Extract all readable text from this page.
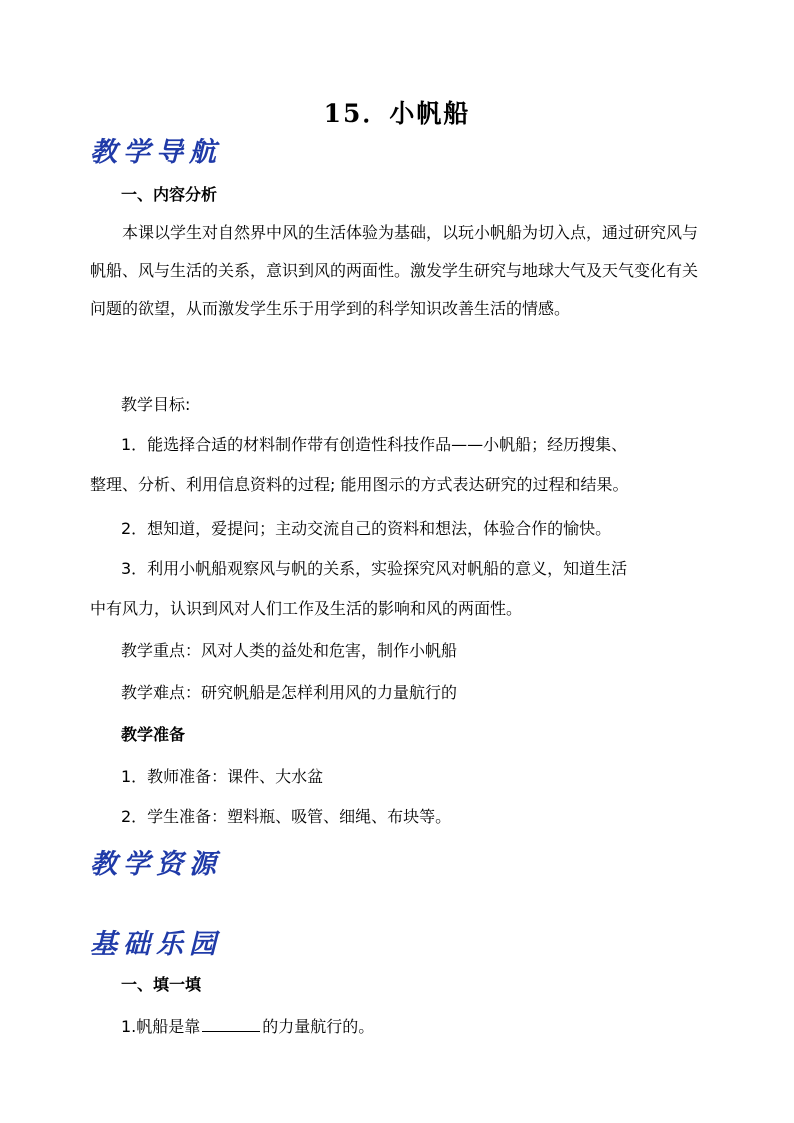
15．小帆船
教学导航
一、内容分析
本课以学生对自然界中风的生活体验为基础，以玩小帆船为切入点，通过研究风与帆船、风与生活的关系，意识到风的两面性。激发学生研究与地球大气及天气变化有关问题的欲望，从而激发学生乐于用学到的科学知识改善生活的情感。
教学目标:
1．能选择合适的材料制作带有创造性科技作品——小帆船；经历搜集、
整理、分析、利用信息资料的过程; 能用图示的方式表达研究的过程和结果。
2．想知道，爱提问；主动交流自己的资料和想法，体验合作的愉快。
3．利用小帆船观察风与帆的关系，实验探究风对帆船的意义，知道生活
中有风力，认识到风对人们工作及生活的影响和风的两面性。
教学重点：风对人类的益处和危害，制作小帆船
教学难点：研究帆船是怎样利用风的力量航行的
教学准备
1．教师准备：课件、大水盆
2．学生准备：塑料瓶、吸管、细绳、布块等。
教学资源
基础乐园
一、填一填
1.帆船是靠	的力量航行的。
